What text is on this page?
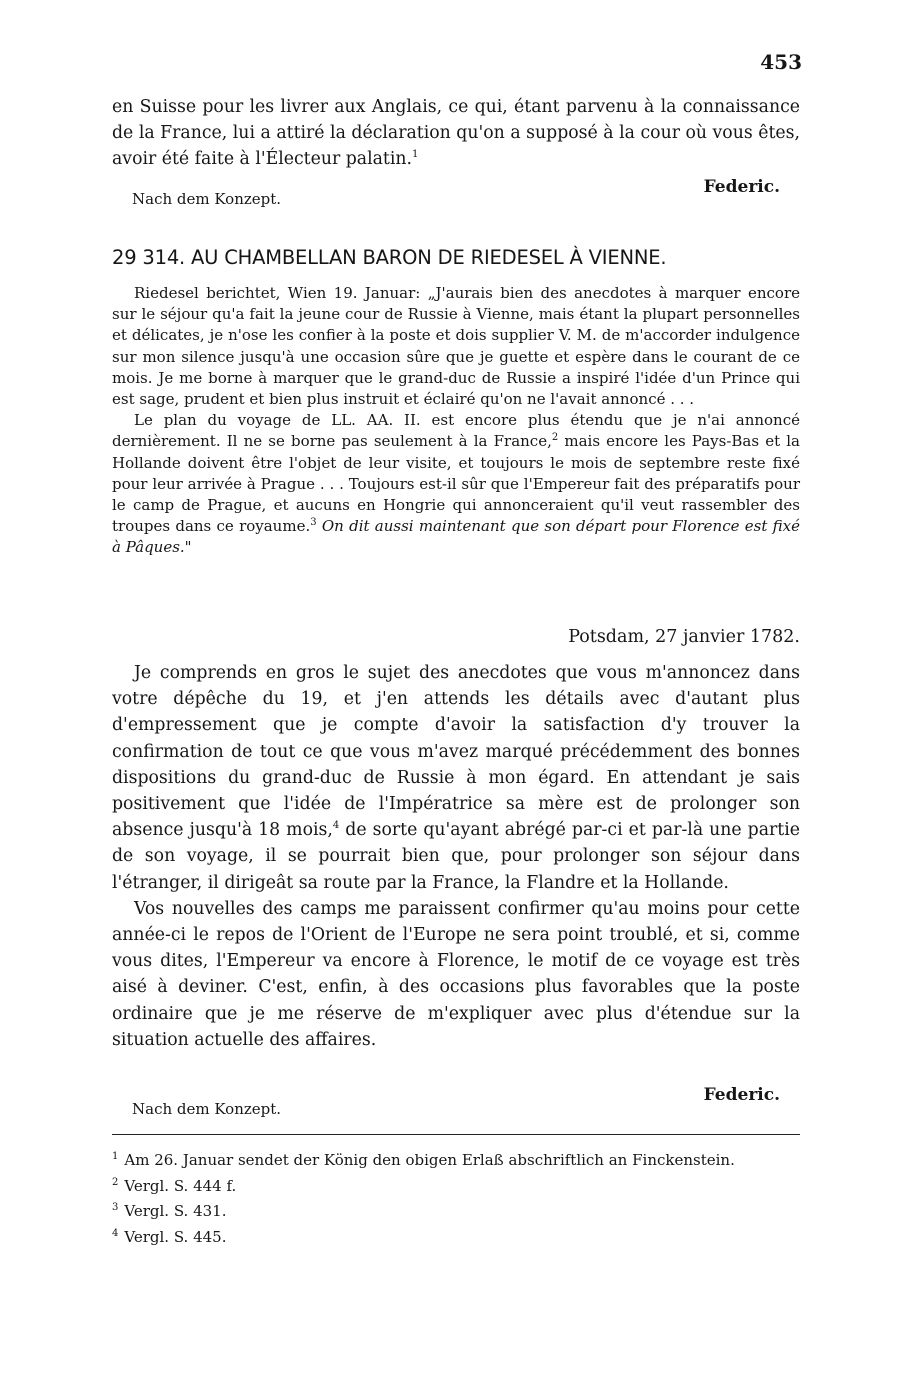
453

en Suisse pour les livrer aux Anglais, ce qui, étant parvenu à la connaissance de la France, lui a attiré la déclaration qu'on a supposé à la cour où vous êtes, avoir été faite à l'Électeur palatin.$^1$

Federic.
Nach dem Konzept.
29 314. AU CHAMBELLAN BARON DE RIEDESEL À VIENNE.

Riedesel berichtet, Wien 19. Januar: „J'aurais bien des anecdotes à marquer encore sur le séjour qu'a fait la jeune cour de Russie à Vienne, mais étant la plupart personnelles et délicates, je n'ose les confier à la poste et dois supplier V. M. de m'accorder indulgence sur mon silence jusqu'à une occasion sûre que je guette et espère dans le courant de ce mois. Je me borne à marquer que le grand-duc de Russie a inspiré l'idée d'un Prince qui est sage, prudent et bien plus instruit et éclairé qu'on ne l'avait annoncé . . .

Le plan du voyage de LL. AA. II. est encore plus étendu que je n'ai annoncé dernièrement. Il ne se borne pas seulement à la France,$^2$ mais encore les Pays-Bas et la Hollande doivent être l'objet de leur visite, et toujours le mois de septembre reste fixé pour leur arrivée à Prague . . . Toujours est-il sûr que l'Empereur fait des préparatifs pour le camp de Prague, et aucuns en Hongrie qui annonceraient qu'il veut rassembler des troupes dans ce royaume.$^3$ On dit aussi maintenant que son départ pour Florence est fixé à Pâques."

Potsdam, 27 janvier 1782.

Je comprends en gros le sujet des anecdotes que vous m'annoncez dans votre dépêche du 19, et j'en attends les détails avec d'autant plus d'empressement que je compte d'avoir la satisfaction d'y trouver la confirmation de tout ce que vous m'avez marqué précédemment des bonnes dispositions du grand-duc de Russie à mon égard. En attendant je sais positivement que l'idée de l'Impératrice sa mère est de prolonger son absence jusqu'à 18 mois,$^4$ de sorte qu'ayant abrégé par-ci et par-là une partie de son voyage, il se pourrait bien que, pour prolonger son séjour dans l'étranger, il dirigeât sa route par la France, la Flandre et la Hollande.

Vos nouvelles des camps me paraissent confirmer qu'au moins pour cette année-ci le repos de l'Orient de l'Europe ne sera point troublé, et si, comme vous dites, l'Empereur va encore à Florence, le motif de ce voyage est très aisé à deviner. C'est, enfin, à des occasions plus favorables que la poste ordinaire que je me réserve de m'expliquer avec plus d'étendue sur la situation actuelle des affaires.

Federic.
Nach dem Konzept.
$^1$ Am 26. Januar sendet der König den obigen Erlaß abschriftlich an Finckenstein.
$^2$ Vergl. S. 444 f.
$^3$ Vergl. S. 431.
$^4$ Vergl. S. 445.
